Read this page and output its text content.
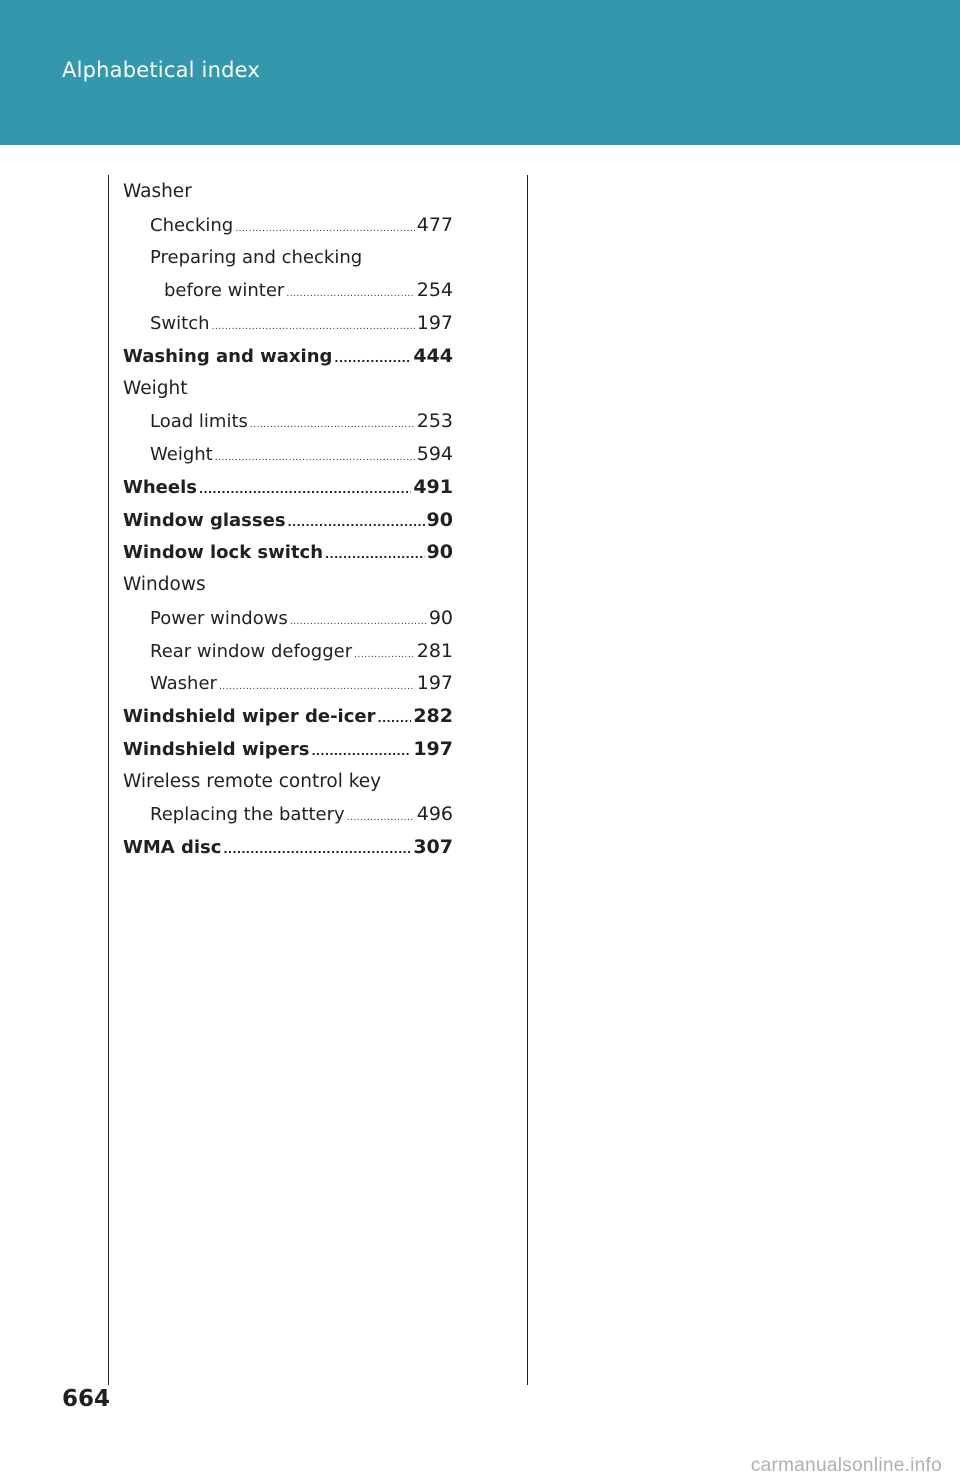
Alphabetical index
Washer
Checking .....	477
Preparing and checking
before winter .....	254
Switch .....	197
Washing and waxing .....	444
Weight
Load limits .....	253
Weight .....	594
Wheels .....	491
Window glasses .....	90
Window lock switch .....	90
Windows
Power windows .....	90
Rear window defogger .....	281
Washer .....	197
Windshield wiper de-icer ..... 282
Windshield wipers .....	197
Wireless remote control key
Replacing the battery .....	496
WMA disc .....	307
664
carmanualsonline.info
